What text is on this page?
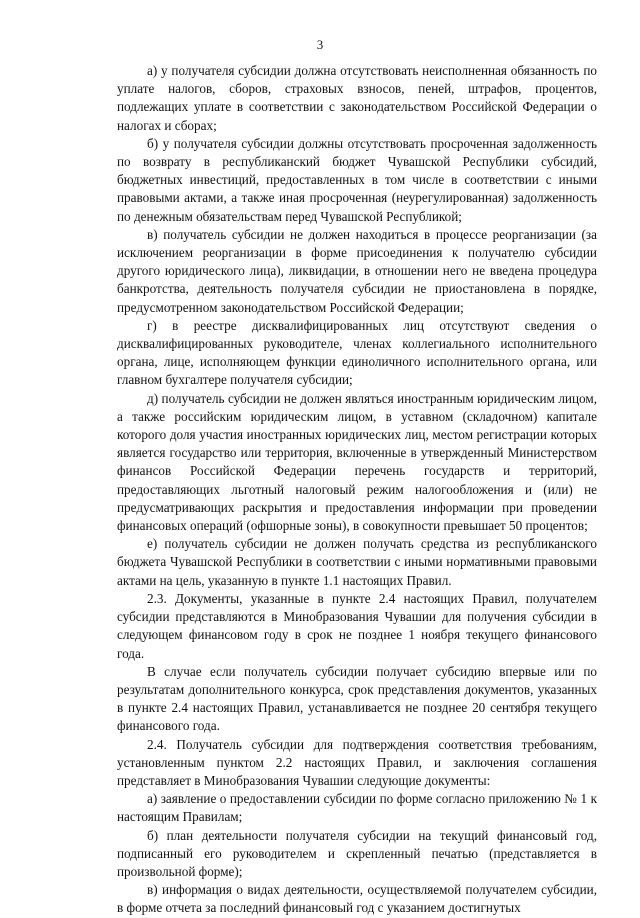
3

а) у получателя субсидии должна отсутствовать неисполненная обязанность по уплате налогов, сборов, страховых взносов, пеней, штрафов, процентов, подлежащих уплате в соответствии с законодательством Российской Федерации о налогах и сборах;

б) у получателя субсидии должны отсутствовать просроченная задолженность по возврату в республиканский бюджет Чувашской Республики субсидий, бюджетных инвестиций, предоставленных в том числе в соответствии с иными правовыми актами, а также иная просроченная (неурегулированная) задолженность по денежным обязательствам перед Чувашской Республикой;

в) получатель субсидии не должен находиться в процессе реорганизации (за исключением реорганизации в форме присоединения к получателю субсидии другого юридического лица), ликвидации, в отношении него не введена процедура банкротства, деятельность получателя субсидии не приостановлена в порядке, предусмотренном законодательством Российской Федерации;

г) в реестре дисквалифицированных лиц отсутствуют сведения о дисквалифицированных руководителе, членах коллегиального исполнительного органа, лице, исполняющем функции единоличного исполнительного органа, или главном бухгалтере получателя субсидии;

д) получатель субсидии не должен являться иностранным юридическим лицом, а также российским юридическим лицом, в уставном (складочном) капитале которого доля участия иностранных юридических лиц, местом регистрации которых является государство или территория, включенные в утвержденный Министерством финансов Российской Федерации перечень государств и территорий, предоставляющих льготный налоговый режим налогообложения и (или) не предусматривающих раскрытия и предоставления информации при проведении финансовых операций (офшорные зоны), в совокупности превышает 50 процентов;

е) получатель субсидии не должен получать средства из республиканского бюджета Чувашской Республики в соответствии с иными нормативными правовыми актами на цель, указанную в пункте 1.1 настоящих Правил.

2.3. Документы, указанные в пункте 2.4 настоящих Правил, получателем субсидии представляются в Минобразования Чувашии для получения субсидии в следующем финансовом году в срок не позднее 1 ноября текущего финансового года.

В случае если получатель субсидии получает субсидию впервые или по результатам дополнительного конкурса, срок представления документов, указанных в пункте 2.4 настоящих Правил, устанавливается не позднее 20 сентября текущего финансового года.

2.4. Получатель субсидии для подтверждения соответствия требованиям, установленным пунктом 2.2 настоящих Правил, и заключения соглашения представляет в Минобразования Чувашии следующие документы:

а) заявление о предоставлении субсидии по форме согласно приложению № 1 к настоящим Правилам;

б) план деятельности получателя субсидии на текущий финансовый год, подписанный его руководителем и скрепленный печатью (представляется в произвольной форме);

в) информация о видах деятельности, осуществляемой получателем субсидии, в форме отчета за последний финансовый год с указанием достигнутых
